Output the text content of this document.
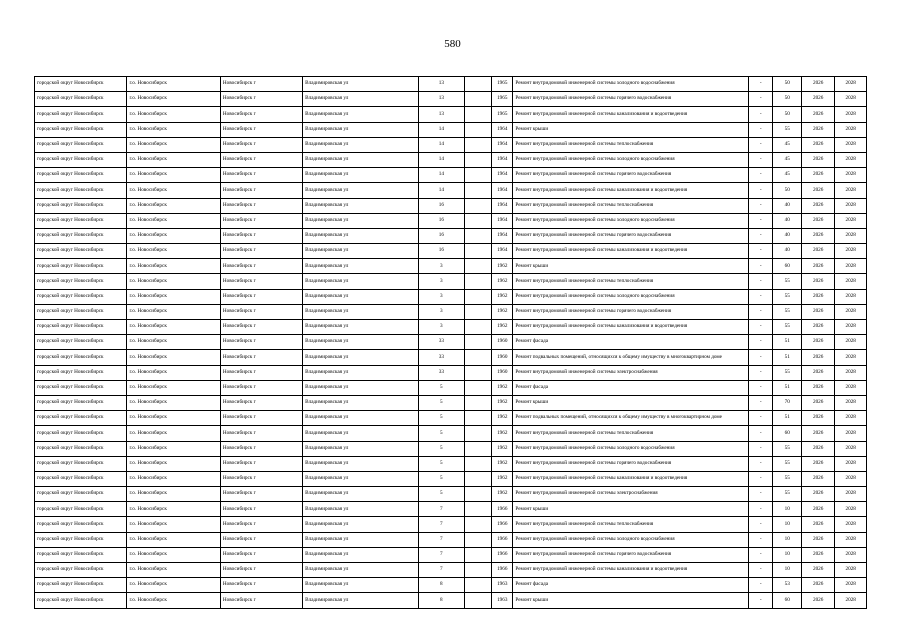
580
городской округ Новосибирск	г.о. Новосибирск	Новосибирск г	Владимировская ул	13		1965	Ремонт внутридомовой инженерной системы холодного водоснабжения	-	50	2026	2028
городской округ Новосибирск	г.о. Новосибирск	Новосибирск г	Владимировская ул	13		1965	Ремонт внутридомовой инженерной системы горячего водоснабжения	-	50	2026	2028
городской округ Новосибирск	г.о. Новосибирск	Новосибирск г	Владимировская ул	13		1965	Ремонт внутридомовой инженерной системы канализования и водоотведения	-	50	2026	2028
городской округ Новосибирск	г.о. Новосибирск	Новосибирск г	Владимировская ул	14		1964	Ремонт крыши	-	55	2026	2028
городской округ Новосибирск	г.о. Новосибирск	Новосибирск г	Владимировская ул	14		1964	Ремонт внутридомовой инженерной системы теплоснабжения	-	45	2026	2028
городской округ Новосибирск	г.о. Новосибирск	Новосибирск г	Владимировская ул	14		1964	Ремонт внутридомовой инженерной системы холодного водоснабжения	-	45	2026	2028
городской округ Новосибирск	г.о. Новосибирск	Новосибирск г	Владимировская ул	14		1964	Ремонт внутридомовой инженерной системы горячего водоснабжения	-	45	2026	2028
городской округ Новосибирск	г.о. Новосибирск	Новосибирск г	Владимировская ул	14		1964	Ремонт внутридомовой инженерной системы канализования и водоотведения	-	50	2026	2028
городской округ Новосибирск	г.о. Новосибирск	Новосибирск г	Владимировская ул	16		1964	Ремонт внутридомовой инженерной системы теплоснабжения	-	40	2026	2028
городской округ Новосибирск	г.о. Новосибирск	Новосибирск г	Владимировская ул	16		1964	Ремонт внутридомовой инженерной системы холодного водоснабжения	-	40	2026	2028
городской округ Новосибирск	г.о. Новосибирск	Новосибирск г	Владимировская ул	16		1964	Ремонт внутридомовой инженерной системы горячего водоснабжения	-	40	2026	2028
городской округ Новосибирск	г.о. Новосибирск	Новосибирск г	Владимировская ул	16		1964	Ремонт внутридомовой инженерной системы канализования и водоотведения	-	40	2026	2028
городской округ Новосибирск	г.о. Новосибирск	Новосибирск г	Владимировская ул	3		1962	Ремонт крыши	-	60	2026	2028
городской округ Новосибирск	г.о. Новосибирск	Новосибирск г	Владимировская ул	3		1962	Ремонт внутридомовой инженерной системы теплоснабжения	-	55	2026	2028
городской округ Новосибирск	г.о. Новосибирск	Новосибирск г	Владимировская ул	3		1962	Ремонт внутридомовой инженерной системы холодного водоснабжения	-	55	2026	2028
городской округ Новосибирск	г.о. Новосибирск	Новосибирск г	Владимировская ул	3		1962	Ремонт внутридомовой инженерной системы горячего водоснабжения	-	55	2026	2028
городской округ Новосибирск	г.о. Новосибирск	Новосибирск г	Владимировская ул	3		1962	Ремонт внутридомовой инженерной системы канализования и водоотведения	-	55	2026	2028
городской округ Новосибирск	г.о. Новосибирск	Новосибирск г	Владимировская ул	33		1960	Ремонт фасада	-	51	2026	2028
городской округ Новосибирск	г.о. Новосибирск	Новосибирск г	Владимировская ул	33		1960	Ремонт подвальных помещений, относящихся к общему имуществу в многоквартирном доме	-	51	2026	2028
городской округ Новосибирск	г.о. Новосибирск	Новосибирск г	Владимировская ул	33		1960	Ремонт внутридомовой инженерной системы электроснабжения	-	55	2026	2028
городской округ Новосибирск	г.о. Новосибирск	Новосибирск г	Владимировская ул	5		1962	Ремонт фасада	-	51	2026	2028
городской округ Новосибирск	г.о. Новосибирск	Новосибирск г	Владимировская ул	5		1962	Ремонт крыши	-	70	2026	2028
городской округ Новосибирск	г.о. Новосибирск	Новосибирск г	Владимировская ул	5		1962	Ремонт подвальных помещений, относящихся к общему имуществу в многоквартирном доме	-	51	2026	2028
городской округ Новосибирск	г.о. Новосибирск	Новосибирск г	Владимировская ул	5		1962	Ремонт внутридомовой инженерной системы теплоснабжения	-	60	2026	2028
городской округ Новосибирск	г.о. Новосибирск	Новосибирск г	Владимировская ул	5		1962	Ремонт внутридомовой инженерной системы холодного водоснабжения	-	55	2026	2028
городской округ Новосибирск	г.о. Новосибирск	Новосибирск г	Владимировская ул	5		1962	Ремонт внутридомовой инженерной системы горячего водоснабжения	-	55	2026	2028
городской округ Новосибирск	г.о. Новосибирск	Новосибирск г	Владимировская ул	5		1962	Ремонт внутридомовой инженерной системы канализования и водоотведения	-	55	2026	2028
городской округ Новосибирск	г.о. Новосибирск	Новосибирск г	Владимировская ул	5		1962	Ремонт внутридомовой инженерной системы электроснабжения	-	55	2026	2028
городской округ Новосибирск	г.о. Новосибирск	Новосибирск г	Владимировская ул	7		1966	Ремонт крыши	-	10	2026	2028
городской округ Новосибирск	г.о. Новосибирск	Новосибирск г	Владимировская ул	7		1966	Ремонт внутридомовой инженерной системы теплоснабжения	-	10	2026	2028
городской округ Новосибирск	г.о. Новосибирск	Новосибирск г	Владимировская ул	7		1966	Ремонт внутридомовой инженерной системы холодного водоснабжения	-	10	2026	2028
городской округ Новосибирск	г.о. Новосибирск	Новосибирск г	Владимировская ул	7		1966	Ремонт внутридомовой инженерной системы горячего водоснабжения	-	10	2026	2028
городской округ Новосибирск	г.о. Новосибирск	Новосибирск г	Владимировская ул	7		1966	Ремонт внутридомовой инженерной системы канализования и водоотведения	-	10	2026	2028
городской округ Новосибирск	г.о. Новосибирск	Новосибирск г	Владимировская ул	8		1963	Ремонт фасада	-	53	2026	2028
городской округ Новосибирск	г.о. Новосибирск	Новосибирск г	Владимировская ул	8		1963	Ремонт крыши	-	60	2026	2028
